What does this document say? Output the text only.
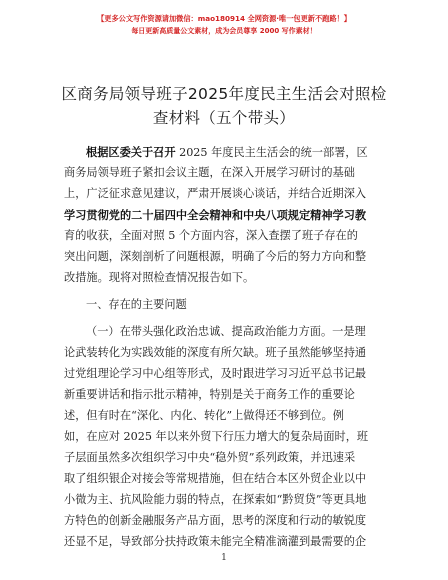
【更多公文写作资源请加微信：mao180914 全网资源·唯一包更新不跑路！】
每日更新高质量公文素材，成为会员尊享 2000 写作素材！
区商务局领导班子2025年度民主生活会对照检
查材料（五个带头）
根据区委关于召开 2025 年度民主生活会的统一部署，区
商务局领导班子紧扣会议主题，在深入开展学习研讨的基础
上，广泛征求意见建议，严肃开展谈心谈话，并结合近期深入
学习贯彻党的二十届四中全会精神和中央八项规定精神学习教
育的收获，全面对照 5 个方面内容，深入查摆了班子存在的
突出问题，深刻剖析了问题根源，明确了今后的努力方向和整
改措施。现将对照检查情况报告如下。
一、存在的主要问题
（一）在带头强化政治忠诚、提高政治能力方面。一是理
论武装转化为实践效能的深度有所欠缺。班子虽然能够坚持通
过党组理论学习中心组等形式，及时跟进学习习近平总书记最
新重要讲话和指示批示精神，特别是关于商务工作的重要论
述，但有时在“深化、内化、转化”上做得还不够到位。例
如，在应对 2025 年以来外贸下行压力增大的复杂局面时，班
子层面虽然多次组织学习中央“稳外贸”系列政策，并迅速采
取了组织银企对接会等常规措施，但在结合本区外贸企业以中
小微为主、抗风险能力弱的特点，在探索如“黔贸贷”等更具地
方特色的创新金融服务产品方面，思考的深度和行动的敏锐度
还显不足，导致部分扶持政策未能完全精准滴灌到最需要的企
1
